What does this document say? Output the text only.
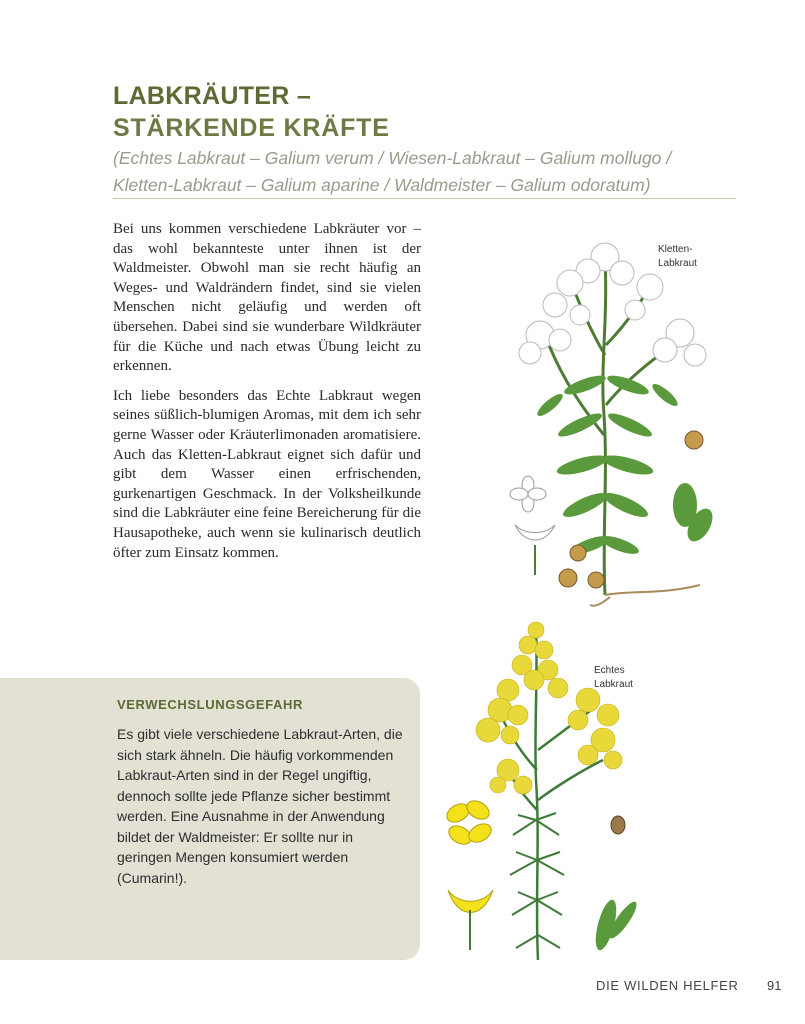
LABKRÄUTER –
STÄRKENDE KRÄFTE

(Echtes Labkraut – Galium verum / Wiesen-Labkraut – Galium mollugo /
Kletten-Labkraut – Galium aparine / Waldmeister – Galium odoratum)

Bei uns kommen verschiedene Labkräuter vor – das wohl bekannteste unter ihnen ist der Waldmeister. Obwohl man sie recht häufig an Weges- und Waldrändern findet, sind sie vielen Menschen nicht geläufig und werden oft übersehen. Dabei sind sie wunderbare Wildkräuter für die Küche und nach etwas Übung leicht zu erkennen.

Ich liebe besonders das Echte Labkraut wegen seines süßlich-blumigen Aromas, mit dem ich sehr gerne Wasser oder Kräuterlimonaden aromatisiere. Auch das Kletten-Labkraut eignet sich dafür und gibt dem Wasser einen erfrischenden, gurkenartigen Geschmack. In der Volksheilkunde sind die Labkräuter eine feine Bereicherung für die Hausapotheke, auch wenn sie kulinarisch deutlich öfter zum Einsatz kommen.

Kletten-
Labkraut
VERWECHSLUNGSGEFAHR
Es gibt viele verschiedene Labkraut-Arten, die sich stark ähneln. Die häufig vorkommenden Labkraut-Arten sind in der Regel ungiftig, dennoch sollte jede Pflanze sicher bestimmt werden. Eine Ausnahme in der Anwendung bildet der Waldmeister: Er sollte nur in geringen Mengen konsumiert werden (Cumarin!).
Echtes
Labkraut
DIE WILDEN HELFER 91
